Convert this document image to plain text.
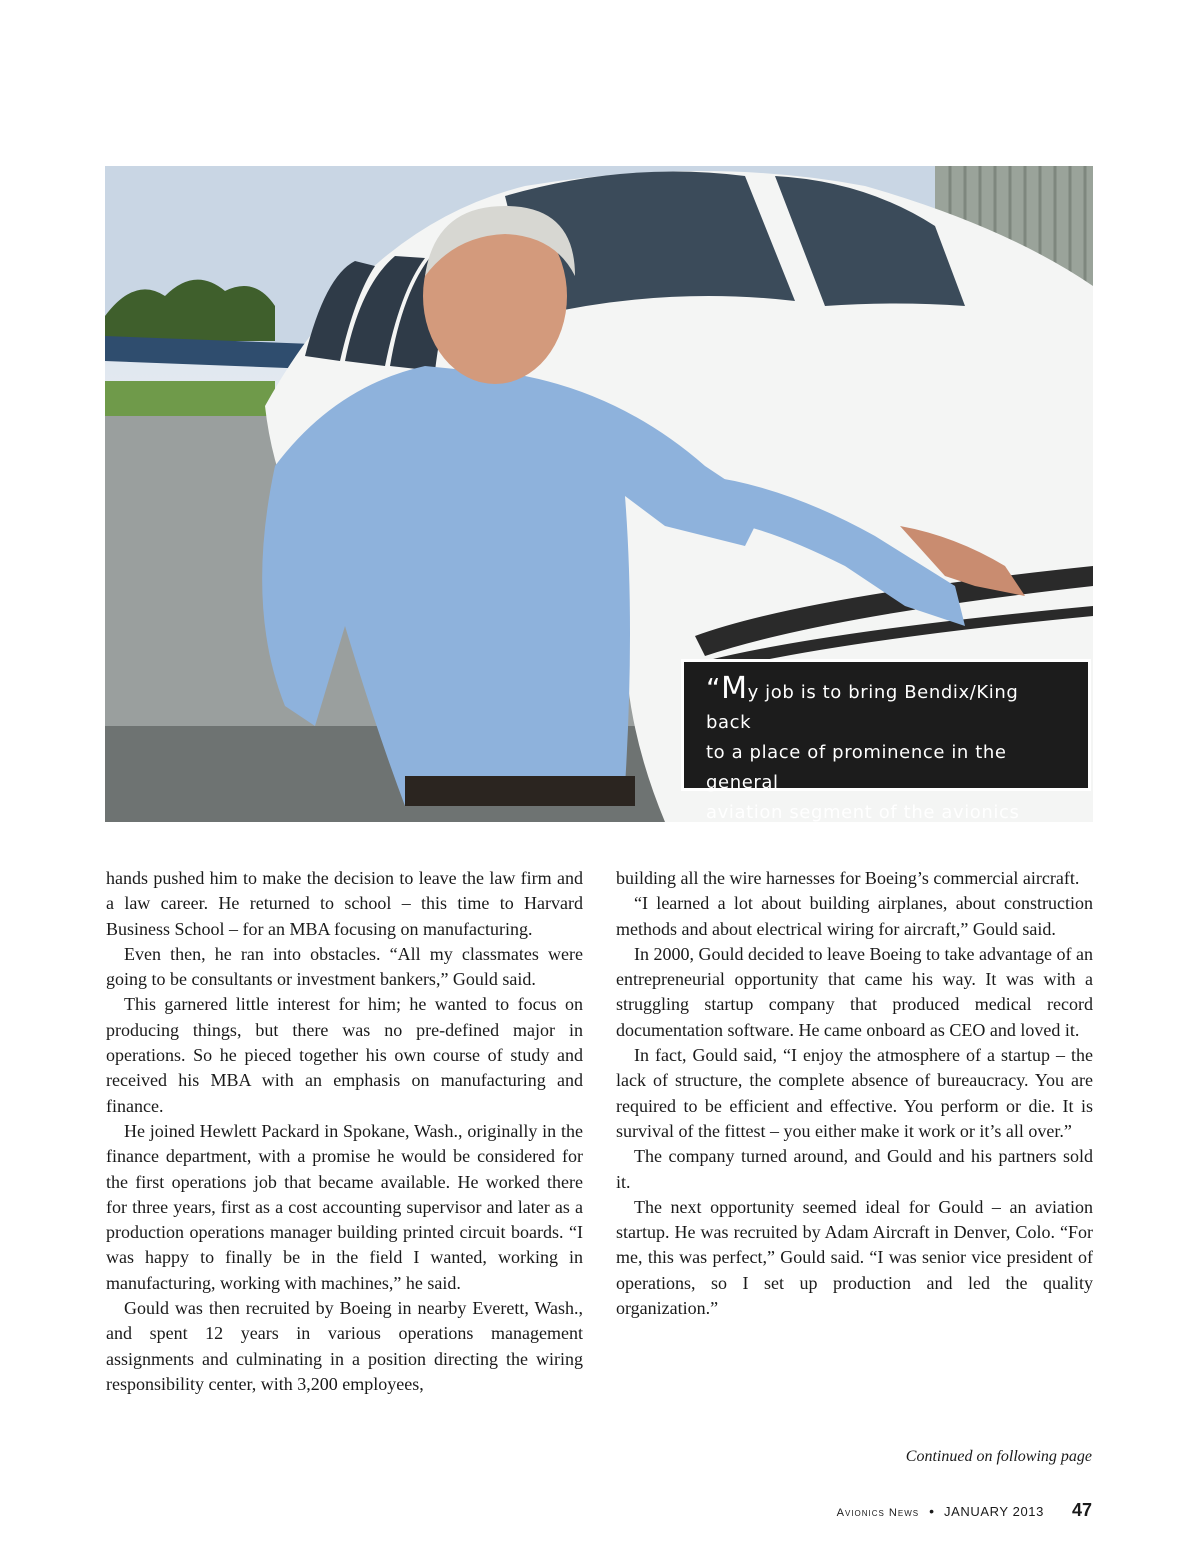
“My job is to bring Bendix/King back
to a place of prominence in the general
aviation segment of the avionics industry.”

hands pushed him to make the decision to leave the law firm and a law career. He returned to school – this time to Harvard Business School – for an MBA focusing on manufacturing.

Even then, he ran into obstacles. “All my classmates were going to be consultants or investment bankers,” Gould said.

This garnered little interest for him; he wanted to focus on producing things, but there was no pre-defined major in operations. So he pieced together his own course of study and received his MBA with an emphasis on manufacturing and finance.

He joined Hewlett Packard in Spokane, Wash., originally in the finance department, with a promise he would be considered for the first operations job that became available. He worked there for three years, first as a cost accounting supervisor and later as a production operations manager building printed circuit boards. “I was happy to finally be in the field I wanted, working in manufacturing, working with machines,” he said.

Gould was then recruited by Boeing in nearby Everett, Wash., and spent 12 years in various operations management assignments and culminating in a position directing the wiring responsibility center, with 3,200 employees,

building all the wire harnesses for Boeing’s commercial aircraft.

“I learned a lot about building airplanes, about construction methods and about electrical wiring for aircraft,” Gould said.

In 2000, Gould decided to leave Boeing to take advantage of an entrepreneurial opportunity that came his way. It was with a struggling startup company that produced medical record documentation software. He came onboard as CEO and loved it.

In fact, Gould said, “I enjoy the atmosphere of a startup – the lack of structure, the complete absence of bureaucracy. You are required to be efficient and effective. You perform or die. It is survival of the fittest – you either make it work or it’s all over.”

The company turned around, and Gould and his partners sold it.

The next opportunity seemed ideal for Gould – an aviation startup. He was recruited by Adam Aircraft in Denver, Colo. “For me, this was perfect,” Gould said. “I was senior vice president of operations, so I set up production and led the quality organization.”

Continued on following page
Avionics News • JANUARY 2013 47
